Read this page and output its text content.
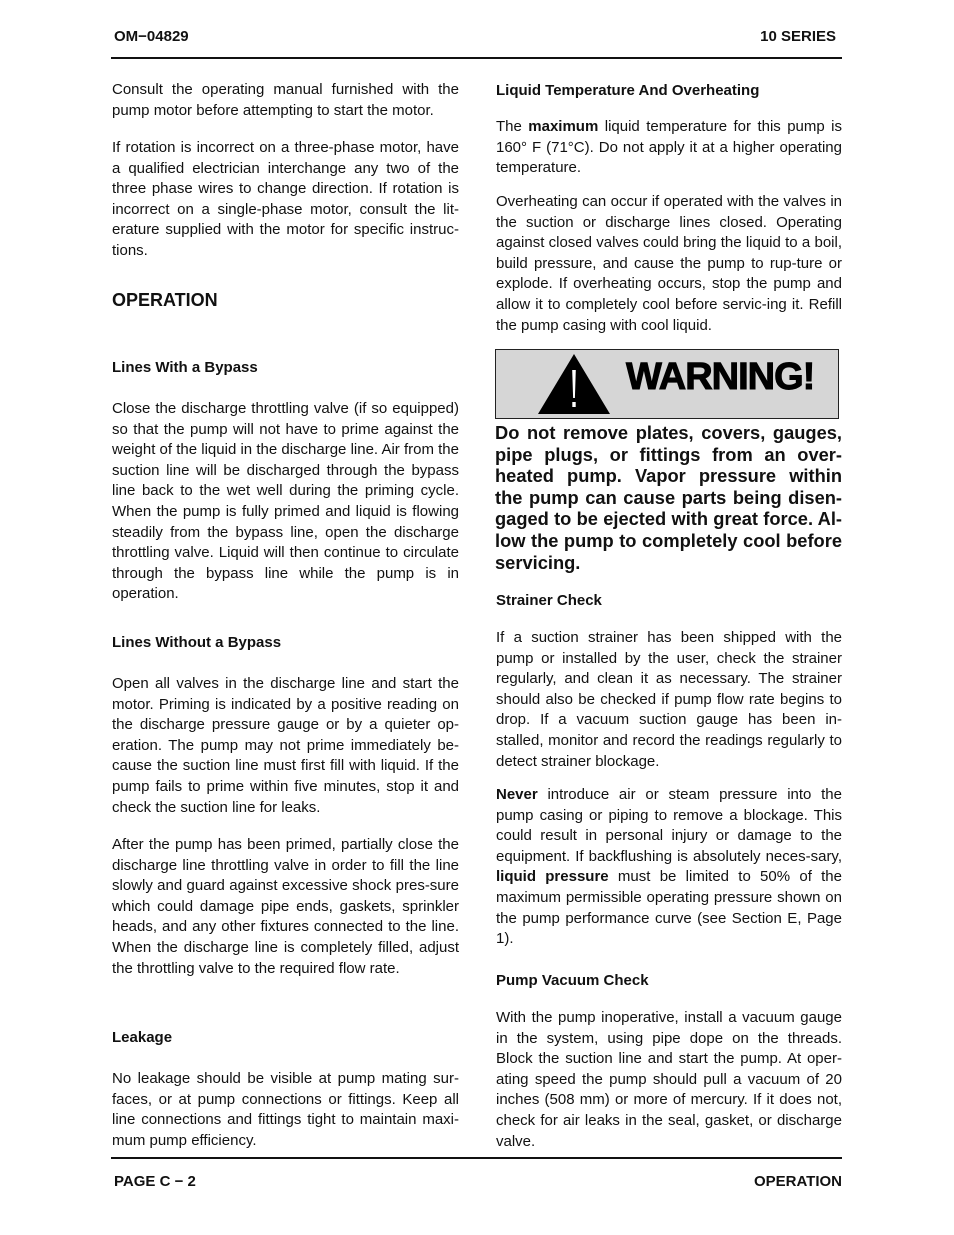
OM−04829	10 SERIES

Consult the operating manual furnished with the pump motor before attempting to start the motor.

If rotation is incorrect on a three-phase motor, have a qualified electrician interchange any two of the three phase wires to change direction. If rotation is incorrect on a single-phase motor, consult the lit-erature supplied with the motor for specific instruc-tions.

OPERATION
Lines With a Bypass

Close the discharge throttling valve (if so equipped) so that the pump will not have to prime against the weight of the liquid in the discharge line. Air from the suction line will be discharged through the bypass line back to the wet well during the priming cycle. When the pump is fully primed and liquid is flowing steadily from the bypass line, open the discharge throttling valve. Liquid will then continue to circulate through the bypass line while the pump is in operation.

Lines Without a Bypass

Open all valves in the discharge line and start the motor. Priming is indicated by a positive reading on the discharge pressure gauge or by a quieter op-eration. The pump may not prime immediately be-cause the suction line must first fill with liquid. If the pump fails to prime within five minutes, stop it and check the suction line for leaks.

After the pump has been primed, partially close the discharge line throttling valve in order to fill the line slowly and guard against excessive shock pres-sure which could damage pipe ends, gaskets, sprinkler heads, and any other fixtures connected to the line. When the discharge line is completely filled, adjust the throttling valve to the required flow rate.

Leakage

No leakage should be visible at pump mating sur-faces, or at pump connections or fittings. Keep all line connections and fittings tight to maintain maxi-mum pump efficiency.

Liquid Temperature And Overheating

The maximum liquid temperature for this pump is 160° F (71°C). Do not apply it at a higher operating temperature.

Overheating can occur if operated with the valves in the suction or discharge lines closed. Operating against closed valves could bring the liquid to a boil, build pressure, and cause the pump to rup-ture or explode. If overheating occurs, stop the pump and allow it to completely cool before servic-ing it. Refill the pump casing with cool liquid.

WARNING!

Do not remove plates, covers, gauges, pipe plugs, or fittings from an over-heated pump. Vapor pressure within the pump can cause parts being disen-gaged to be ejected with great force. Al-low the pump to completely cool before servicing.

Strainer Check

If a suction strainer has been shipped with the pump or installed by the user, check the strainer regularly, and clean it as necessary. The strainer should also be checked if pump flow rate begins to drop. If a vacuum suction gauge has been in-stalled, monitor and record the readings regularly to detect strainer blockage.

Never introduce air or steam pressure into the pump casing or piping to remove a blockage. This could result in personal injury or damage to the equipment. If backflushing is absolutely neces-sary, liquid pressure must be limited to 50% of the maximum permissible operating pressure shown on the pump performance curve (see Section E, Page 1).

Pump Vacuum Check

With the pump inoperative, install a vacuum gauge in the system, using pipe dope on the threads. Block the suction line and start the pump. At oper-ating speed the pump should pull a vacuum of 20 inches (508 mm) or more of mercury. If it does not, check for air leaks in the seal, gasket, or discharge valve.

PAGE C − 2	OPERATION
